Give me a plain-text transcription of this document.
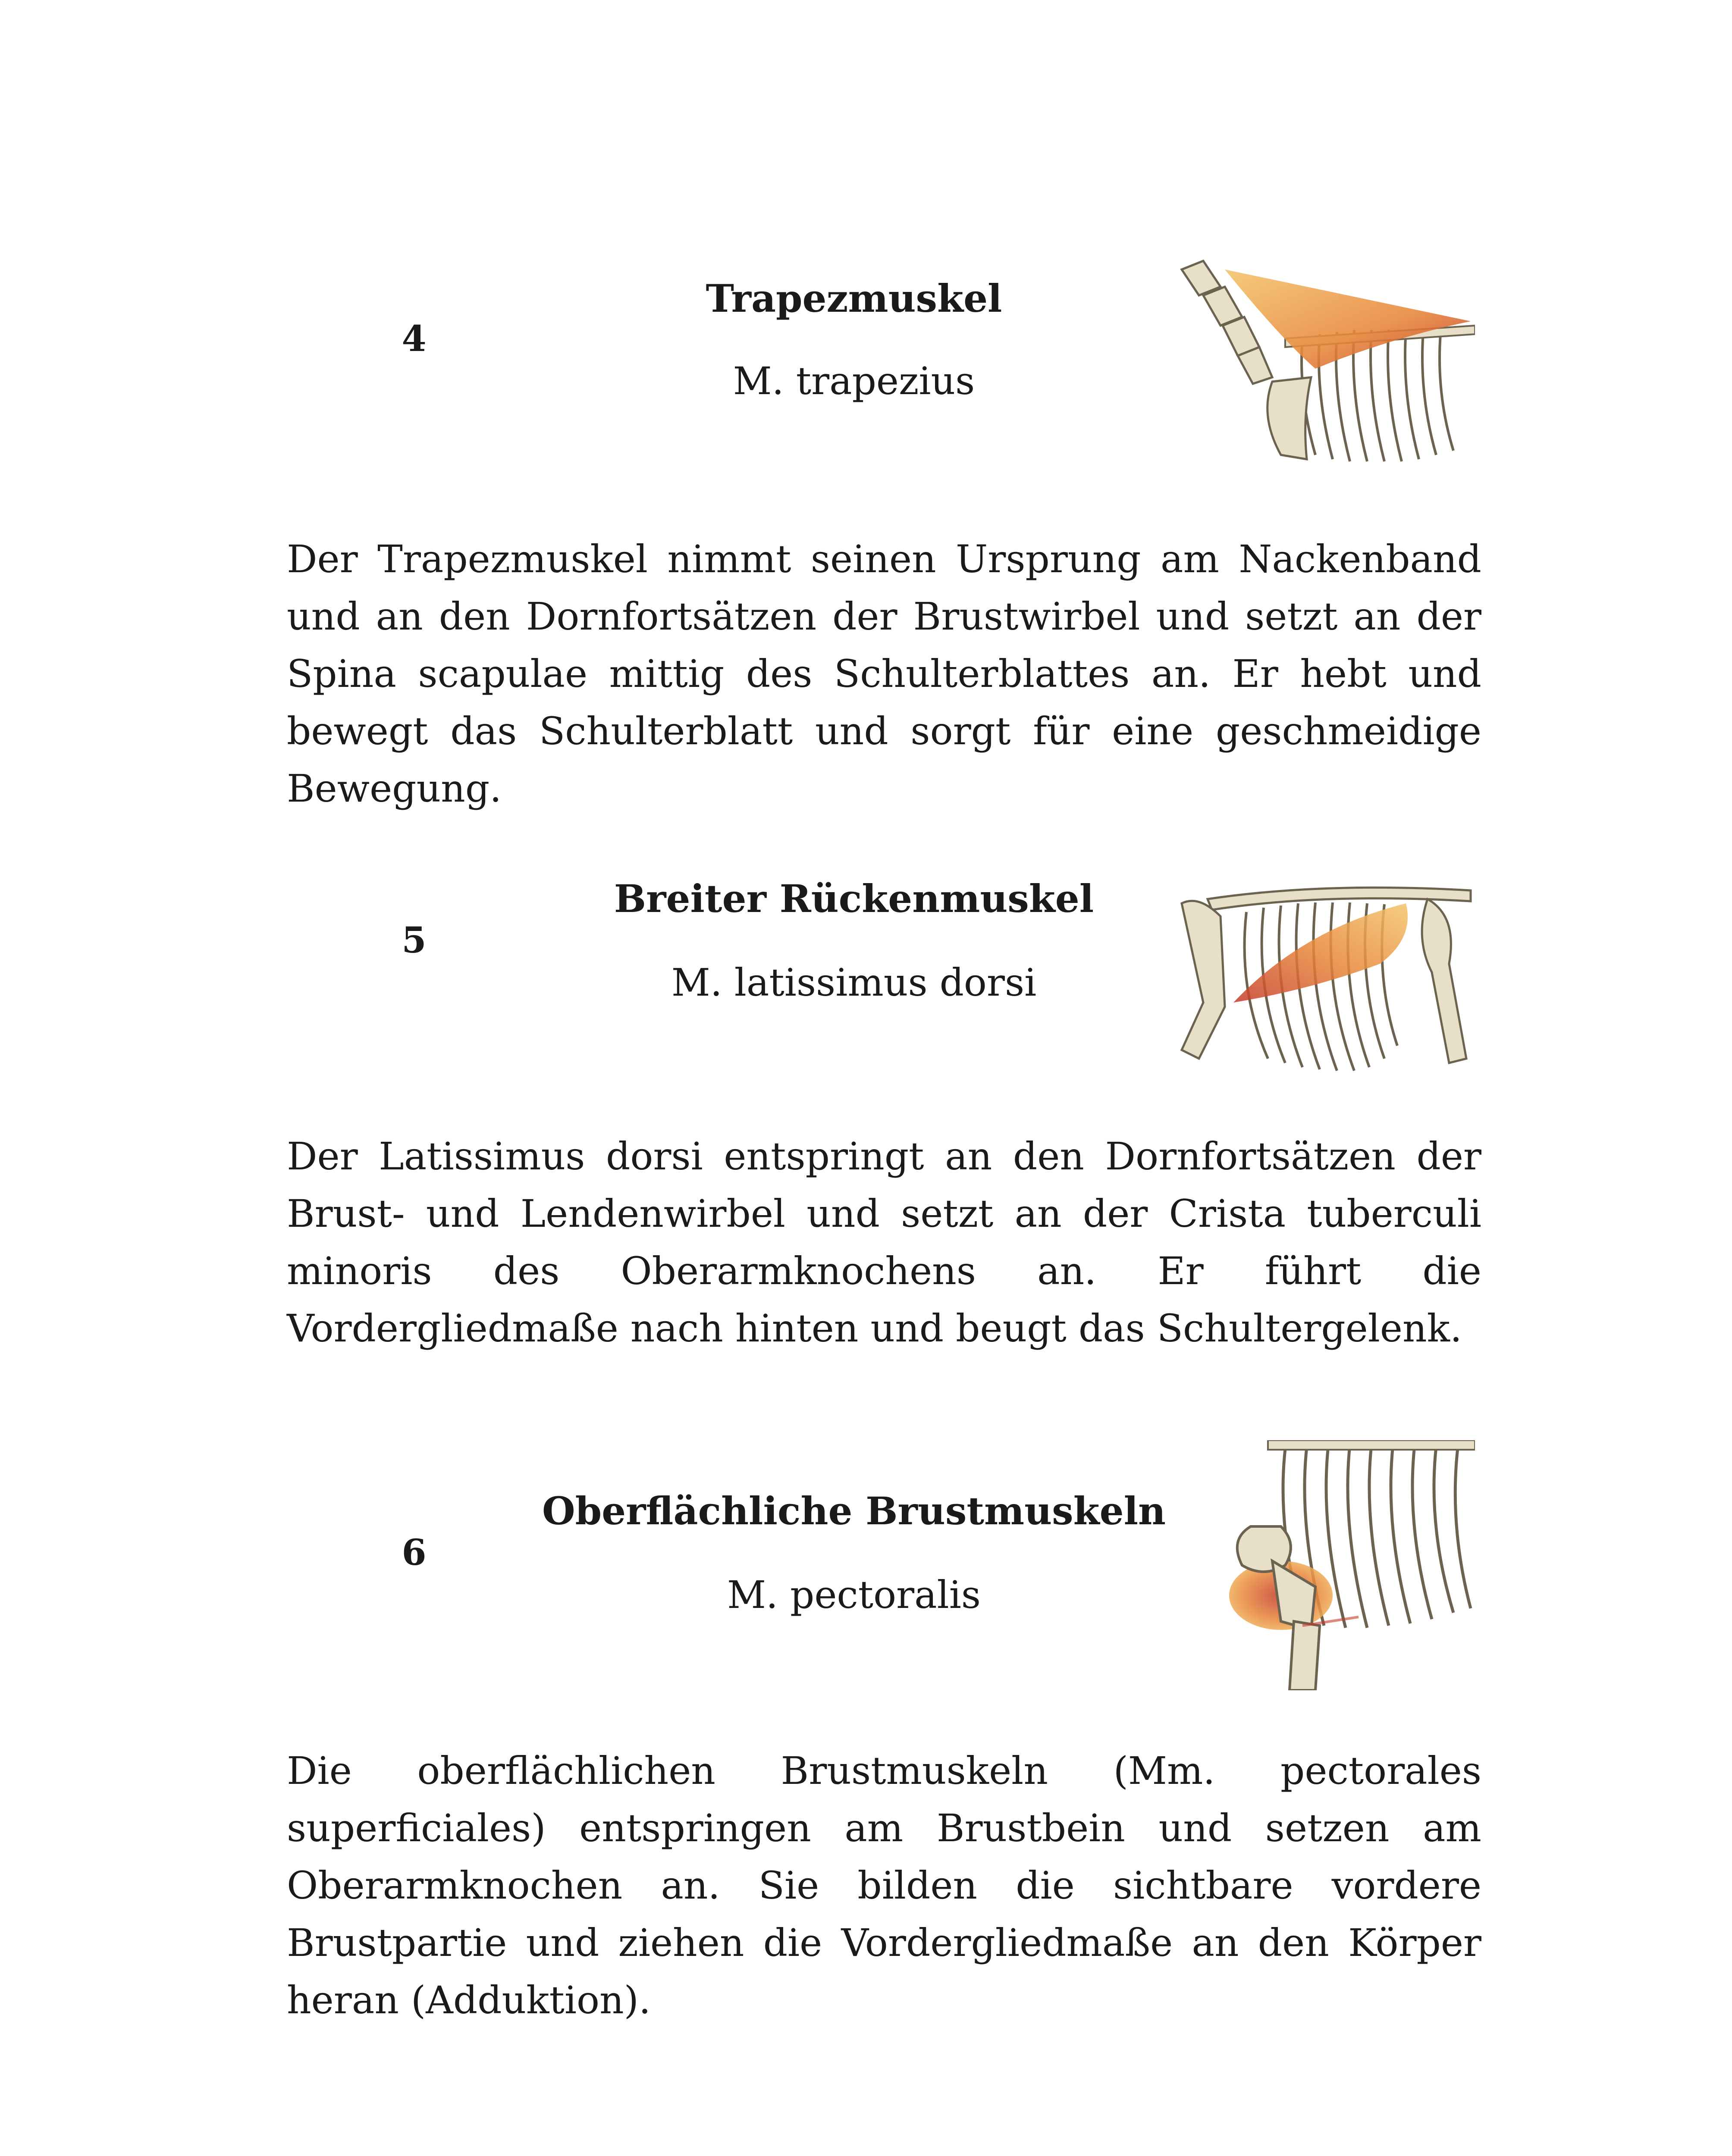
4
Trapezmuskel
M. trapezius

Der Trapezmuskel nimmt seinen Ursprung am Nackenband und an den Dornfortsätzen der Brustwirbel und setzt an der Spina scapulae mittig des Schulterblattes an. Er hebt und bewegt das Schulterblatt und sorgt für eine geschmeidige Bewegung.

5
Breiter Rückenmuskel
M. latissimus dorsi

Der Latissimus dorsi entspringt an den Dornfortsätzen der Brust- und Lendenwirbel und setzt an der Crista tuberculi minoris des Oberarmknochens an. Er führt die Vordergliedmaße nach hinten und beugt das Schultergelenk.

6
Oberflächliche Brustmuskeln
M. pectoralis

Die oberflächlichen Brustmuskeln (Mm. pectorales superficiales) entspringen am Brustbein und setzen am Oberarmknochen an. Sie bilden die sichtbare vordere Brustpartie und ziehen die Vordergliedmaße an den Körper heran (Adduktion).
